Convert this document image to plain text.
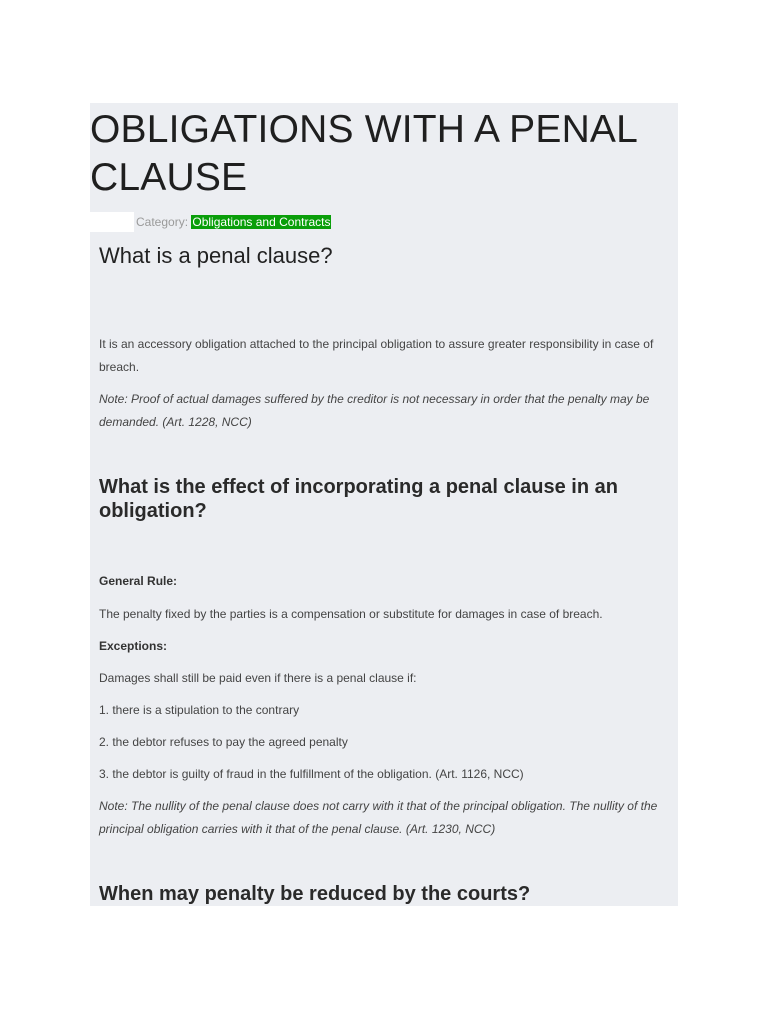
OBLIGATIONS WITH A PENAL CLAUSE
Category: Obligations and Contracts
What is a penal clause?

It is an accessory obligation attached to the principal obligation to assure greater responsibility in case of breach.

Note: Proof of actual damages suffered by the creditor is not necessary in order that the penalty may be demanded. (Art. 1228, NCC)

What is the effect of incorporating a penal clause in an obligation?

General Rule:

The penalty fixed by the parties is a compensation or substitute for damages in case of breach.

Exceptions:

Damages shall still be paid even if there is a penal clause if:

1. there is a stipulation to the contrary

2. the debtor refuses to pay the agreed penalty

3. the debtor is guilty of fraud in the fulfillment of the obligation. (Art. 1126, NCC)

Note: The nullity of the penal clause does not carry with it that of the principal obligation. The nullity of the principal obligation carries with it that of the penal clause. (Art. 1230, NCC)

When may penalty be reduced by the courts?
